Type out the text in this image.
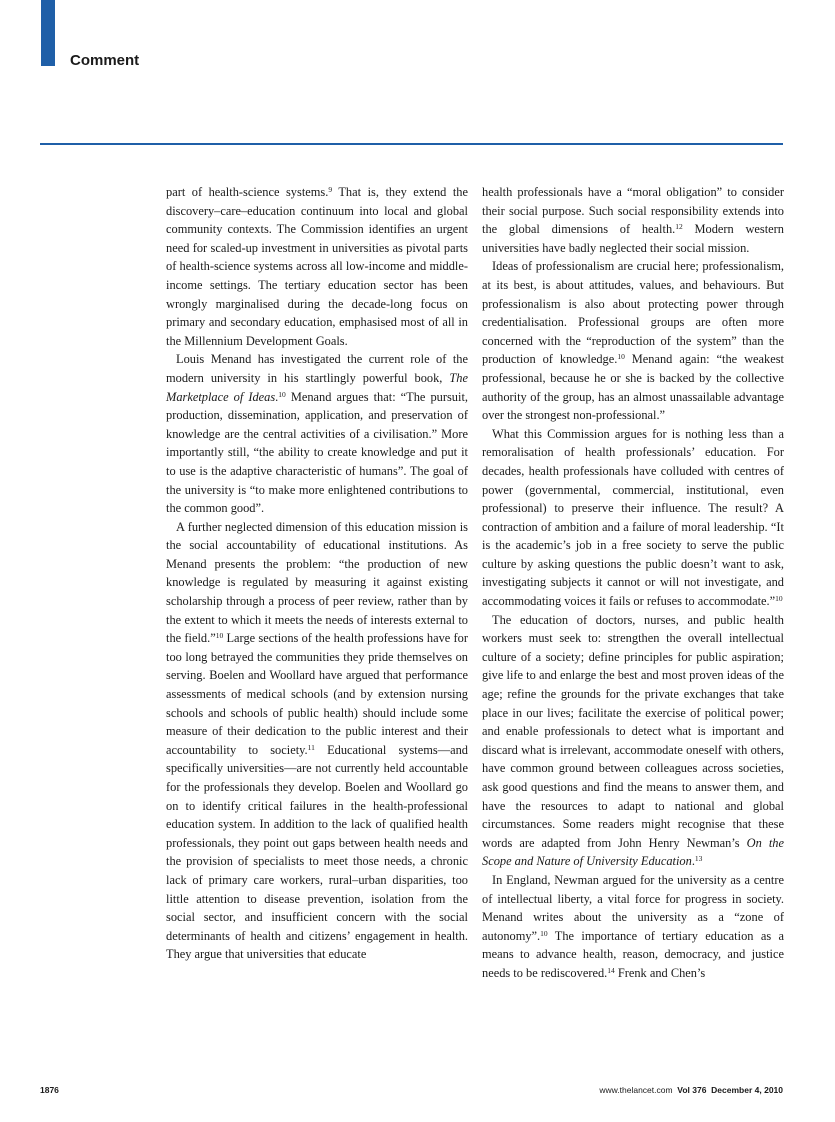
Comment

part of health-science systems.$^9$ That is, they extend the discovery–care–education continuum into local and global community contexts. The Commission identifies an urgent need for scaled-up investment in universities as pivotal parts of health-science systems across all low-income and middle-income settings. The tertiary education sector has been wrongly marginalised during the decade-long focus on primary and secondary education, emphasised most of all in the Millennium Development Goals.

Louis Menand has investigated the current role of the modern university in his startlingly powerful book, The Marketplace of Ideas.$^{10}$ Menand argues that: “The pursuit, production, dissemination, application, and preservation of knowledge are the central activities of a civilisation.” More importantly still, “the ability to create knowledge and put it to use is the adaptive characteristic of humans”. The goal of the university is “to make more enlightened contributions to the common good”.

A further neglected dimension of this education mission is the social accountability of educational institutions. As Menand presents the problem: “the production of new knowledge is regulated by measuring it against existing scholarship through a process of peer review, rather than by the extent to which it meets the needs of interests external to the field.”$^{10}$ Large sections of the health professions have for too long betrayed the communities they pride themselves on serving. Boelen and Woollard have argued that performance assessments of medical schools (and by extension nursing schools and schools of public health) should include some measure of their dedication to the public interest and their accountability to society.$^{11}$ Educational systems—and specifically universities—are not currently held accountable for the professionals they develop. Boelen and Woollard go on to identify critical failures in the health-professional education system. In addition to the lack of qualified health professionals, they point out gaps between health needs and the provision of specialists to meet those needs, a chronic lack of primary care workers, rural–urban disparities, too little attention to disease prevention, isolation from the social sector, and insufficient concern with the social determinants of health and citizens’ engagement in health. They argue that universities that educate

health professionals have a “moral obligation” to consider their social purpose. Such social responsibility extends into the global dimensions of health.$^{12}$ Modern western universities have badly neglected their social mission.

Ideas of professionalism are crucial here; professionalism, at its best, is about attitudes, values, and behaviours. But professionalism is also about protecting power through credentialisation. Professional groups are often more concerned with the “reproduction of the system” than the production of knowledge.$^{10}$ Menand again: “the weakest professional, because he or she is backed by the collective authority of the group, has an almost unassailable advantage over the strongest non-professional.”

What this Commission argues for is nothing less than a remoralisation of health professionals’ education. For decades, health professionals have colluded with centres of power (governmental, commercial, institutional, even professional) to preserve their influence. The result? A contraction of ambition and a failure of moral leadership. “It is the academic’s job in a free society to serve the public culture by asking questions the public doesn’t want to ask, investigating subjects it cannot or will not investigate, and accommodating voices it fails or refuses to accommodate.”$^{10}$

The education of doctors, nurses, and public health workers must seek to: strengthen the overall intellectual culture of a society; define principles for public aspiration; give life to and enlarge the best and most proven ideas of the age; refine the grounds for the private exchanges that take place in our lives; facilitate the exercise of political power; and enable professionals to detect what is important and discard what is irrelevant, accommodate oneself with others, have common ground between colleagues across societies, ask good questions and find the means to answer them, and have the resources to adapt to national and global circumstances. Some readers might recognise that these words are adapted from John Henry Newman’s On the Scope and Nature of University Education.$^{13}$

In England, Newman argued for the university as a centre of intellectual liberty, a vital force for progress in society. Menand writes about the university as a “zone of autonomy”.$^{10}$ The importance of tertiary education as a means to advance health, reason, democracy, and justice needs to be rediscovered.$^{14}$ Frenk and Chen’s

1876	www.thelancet.com Vol 376 December 4, 2010
